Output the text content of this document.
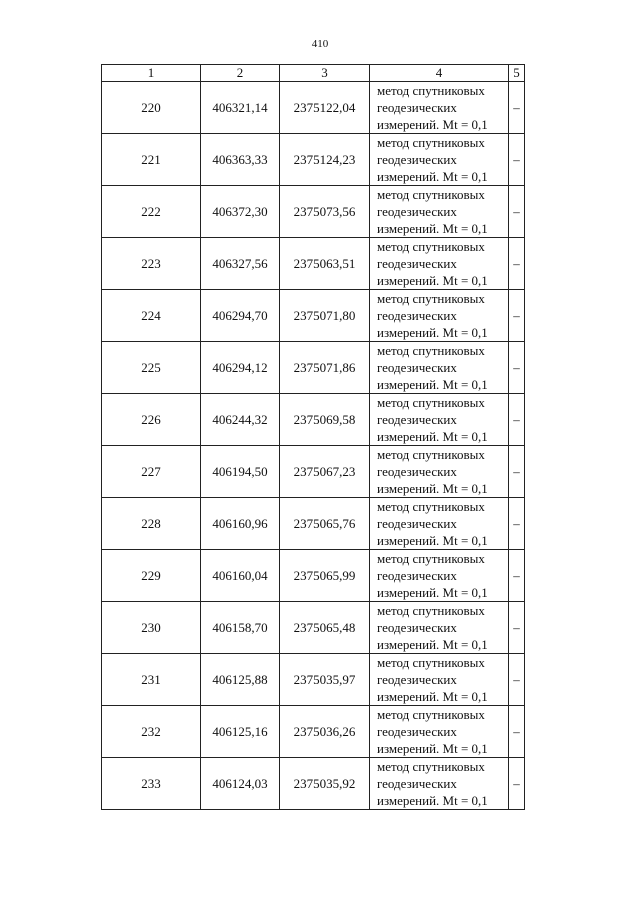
410
1	2	3	4	5
220	406321,14	2375122,04	метод спутниковых
геодезических
измерений. Mt = 0,1	–
221	406363,33	2375124,23	метод спутниковых
геодезических
измерений. Mt = 0,1	–
222	406372,30	2375073,56	метод спутниковых
геодезических
измерений. Mt = 0,1	–
223	406327,56	2375063,51	метод спутниковых
геодезических
измерений. Mt = 0,1	–
224	406294,70	2375071,80	метод спутниковых
геодезических
измерений. Mt = 0,1	–
225	406294,12	2375071,86	метод спутниковых
геодезических
измерений. Mt = 0,1	–
226	406244,32	2375069,58	метод спутниковых
геодезических
измерений. Mt = 0,1	–
227	406194,50	2375067,23	метод спутниковых
геодезических
измерений. Mt = 0,1	–
228	406160,96	2375065,76	метод спутниковых
геодезических
измерений. Mt = 0,1	–
229	406160,04	2375065,99	метод спутниковых
геодезических
измерений. Mt = 0,1	–
230	406158,70	2375065,48	метод спутниковых
геодезических
измерений. Mt = 0,1	–
231	406125,88	2375035,97	метод спутниковых
геодезических
измерений. Mt = 0,1	–
232	406125,16	2375036,26	метод спутниковых
геодезических
измерений. Mt = 0,1	–
233	406124,03	2375035,92	метод спутниковых
геодезических
измерений. Mt = 0,1	–
